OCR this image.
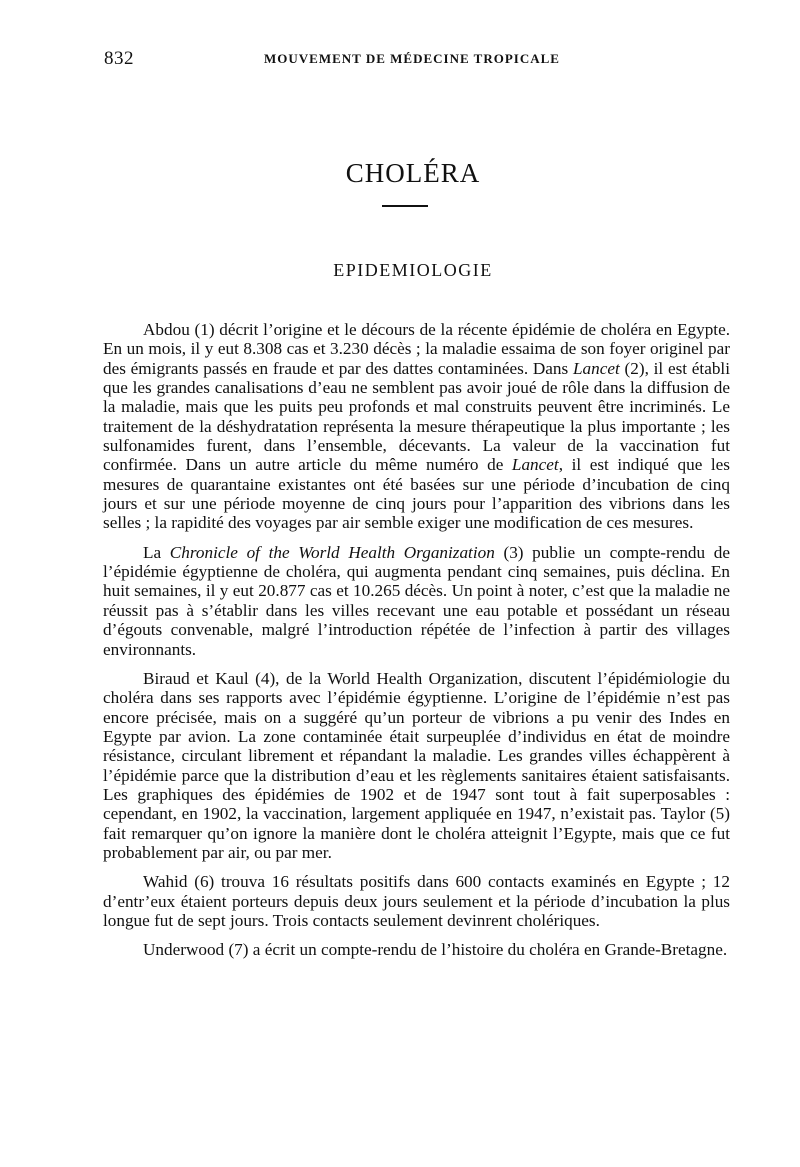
832	MOUVEMENT DE MÉDECINE TROPICALE
CHOLÉRA
EPIDEMIOLOGIE

Abdou (1) décrit l’origine et le décours de la récente épidémie de choléra en Egypte. En un mois, il y eut 8.308 cas et 3.230 décès ; la maladie essaima de son foyer originel par des émigrants passés en fraude et par des dattes contaminées. Dans Lancet (2), il est établi que les grandes canalisations d’eau ne semblent pas avoir joué de rôle dans la diffusion de la maladie, mais que les puits peu profonds et mal construits peuvent être incriminés. Le traitement de la déshydratation représenta la mesure thérapeutique la plus importante ; les sulfonamides furent, dans l’ensemble, décevants. La valeur de la vaccination fut confirmée. Dans un autre article du même numéro de Lancet, il est indiqué que les mesures de quarantaine existantes ont été basées sur une période d’incubation de cinq jours et sur une période moyenne de cinq jours pour l’apparition des vibrions dans les selles ; la rapidité des voyages par air semble exiger une modification de ces mesures.

La Chronicle of the World Health Organization (3) publie un compte-rendu de l’épidémie égyptienne de choléra, qui augmenta pendant cinq semaines, puis déclina. En huit semaines, il y eut 20.877 cas et 10.265 décès. Un point à noter, c’est que la maladie ne réussit pas à s’établir dans les villes recevant une eau potable et possédant un réseau d’égouts convenable, malgré l’introduction répétée de l’infection à partir des villages environnants.

Biraud et Kaul (4), de la World Health Organization, discutent l’épidémiologie du choléra dans ses rapports avec l’épidémie égyptienne. L’origine de l’épidémie n’est pas encore précisée, mais on a suggéré qu’un porteur de vibrions a pu venir des Indes en Egypte par avion. La zone contaminée était surpeuplée d’individus en état de moindre résistance, circulant librement et répandant la maladie. Les grandes villes échappèrent à l’épidémie parce que la distribution d’eau et les règlements sanitaires étaient satisfaisants. Les graphiques des épidémies de 1902 et de 1947 sont tout à fait superposables : cependant, en 1902, la vaccination, largement appliquée en 1947, n’existait pas. Taylor (5) fait remarquer qu’on ignore la manière dont le choléra atteignit l’Egypte, mais que ce fut probablement par air, ou par mer.

Wahid (6) trouva 16 résultats positifs dans 600 contacts examinés en Egypte ; 12 d’entr’eux étaient porteurs depuis deux jours seulement et la période d’incubation la plus longue fut de sept jours. Trois contacts seulement devinrent cholériques.

Underwood (7) a écrit un compte-rendu de l’histoire du choléra en Grande-Bretagne.
